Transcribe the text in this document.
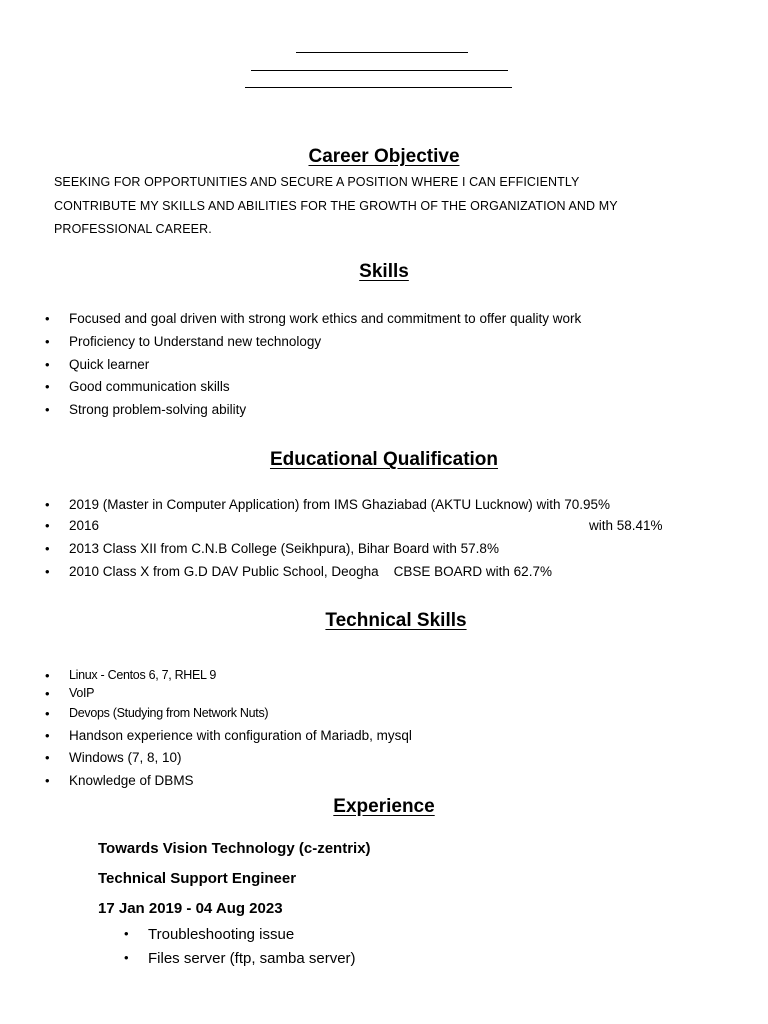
Career Objective
SEEKING FOR OPPORTUNITIES AND SECURE A POSITION WHERE I CAN EFFICIENTLY
CONTRIBUTE MY SKILLS AND ABILITIES FOR THE GROWTH OF THE ORGANIZATION AND MY
PROFESSIONAL CAREER.
Skills
• Focused and goal driven with strong work ethics and commitment to offer quality work
• Proficiency to Understand new technology
• Quick learner
• Good communication skills
• Strong problem-solving ability
Educational Qualification
• 2019 (Master in Computer Application) from IMS Ghaziabad (AKTU Lucknow) with 70.95%
• 2016	with 58.41%
• 2013 Class XII from C.N.B College (Seikhpura), Bihar Board with 57.8%
• 2010 Class X from G.D DAV Public School, Deogha    CBSE BOARD with 62.7%
Technical Skills
• Linux - Centos 6, 7, RHEL 9
• VoIP
• Devops (Studying from Network Nuts)
• Handson experience with configuration of Mariadb, mysql
• Windows (7, 8, 10)
• Knowledge of DBMS
Experience
Towards Vision Technology (c-zentrix)
Technical Support Engineer
17 Jan 2019 - 04 Aug 2023
• Troubleshooting issue
• Files server (ftp, samba server)
